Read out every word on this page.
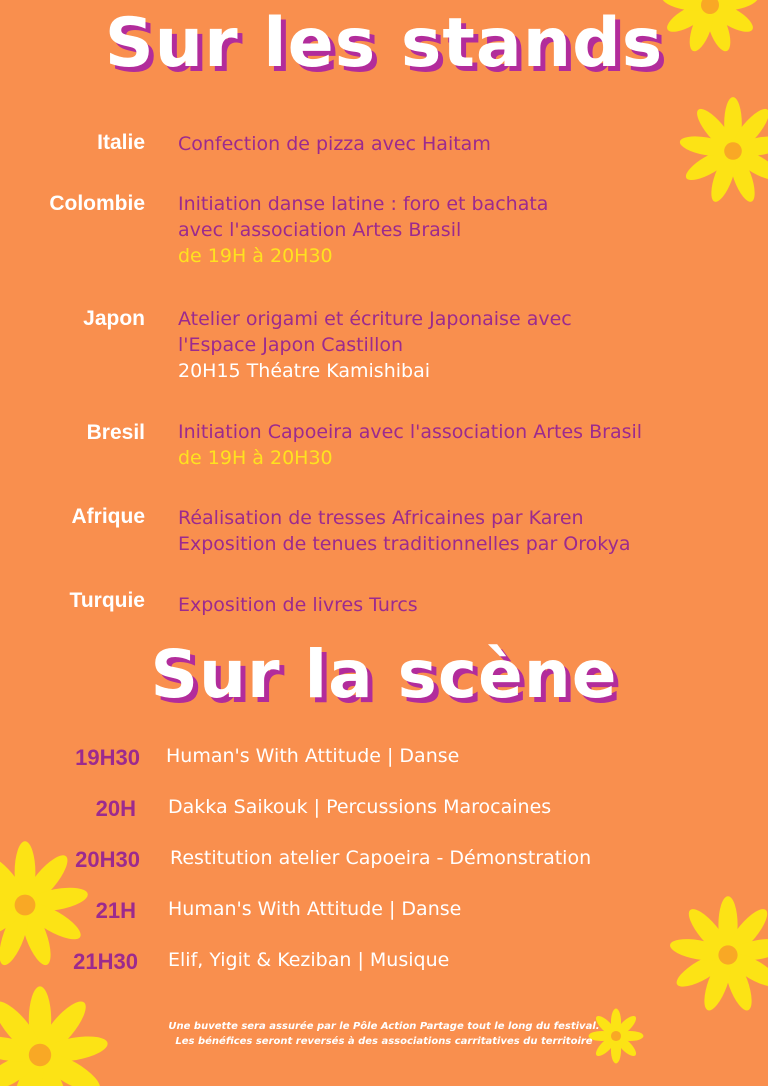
Sur les stands
Sur la scène
Italie Confection de pizza avec Haitam
Colombie Initiation danse latine : foro et bachata
avec l'association Artes Brasil
de 19H à 20H30
Japon Atelier origami et écriture Japonaise avec
l'Espace Japon Castillon
20H15 Théatre Kamishibai
Bresil Initiation Capoeira avec l'association Artes Brasil
de 19H à 20H30
Afrique Réalisation de tresses Africaines par Karen
Exposition de tenues traditionnelles par Orokya
Turquie Exposition de livres Turcs
19H30 Human's With Attitude | Danse
20H Dakka Saikouk | Percussions Marocaines
20H30 Restitution atelier Capoeira - Démonstration
21H Human's With Attitude | Danse
21H30 Elif, Yigit & Keziban | Musique
Une buvette sera assurée par le Pôle Action Partage tout le long du festival.
Les bénéfices seront reversés à des associations carritatives du territoire
